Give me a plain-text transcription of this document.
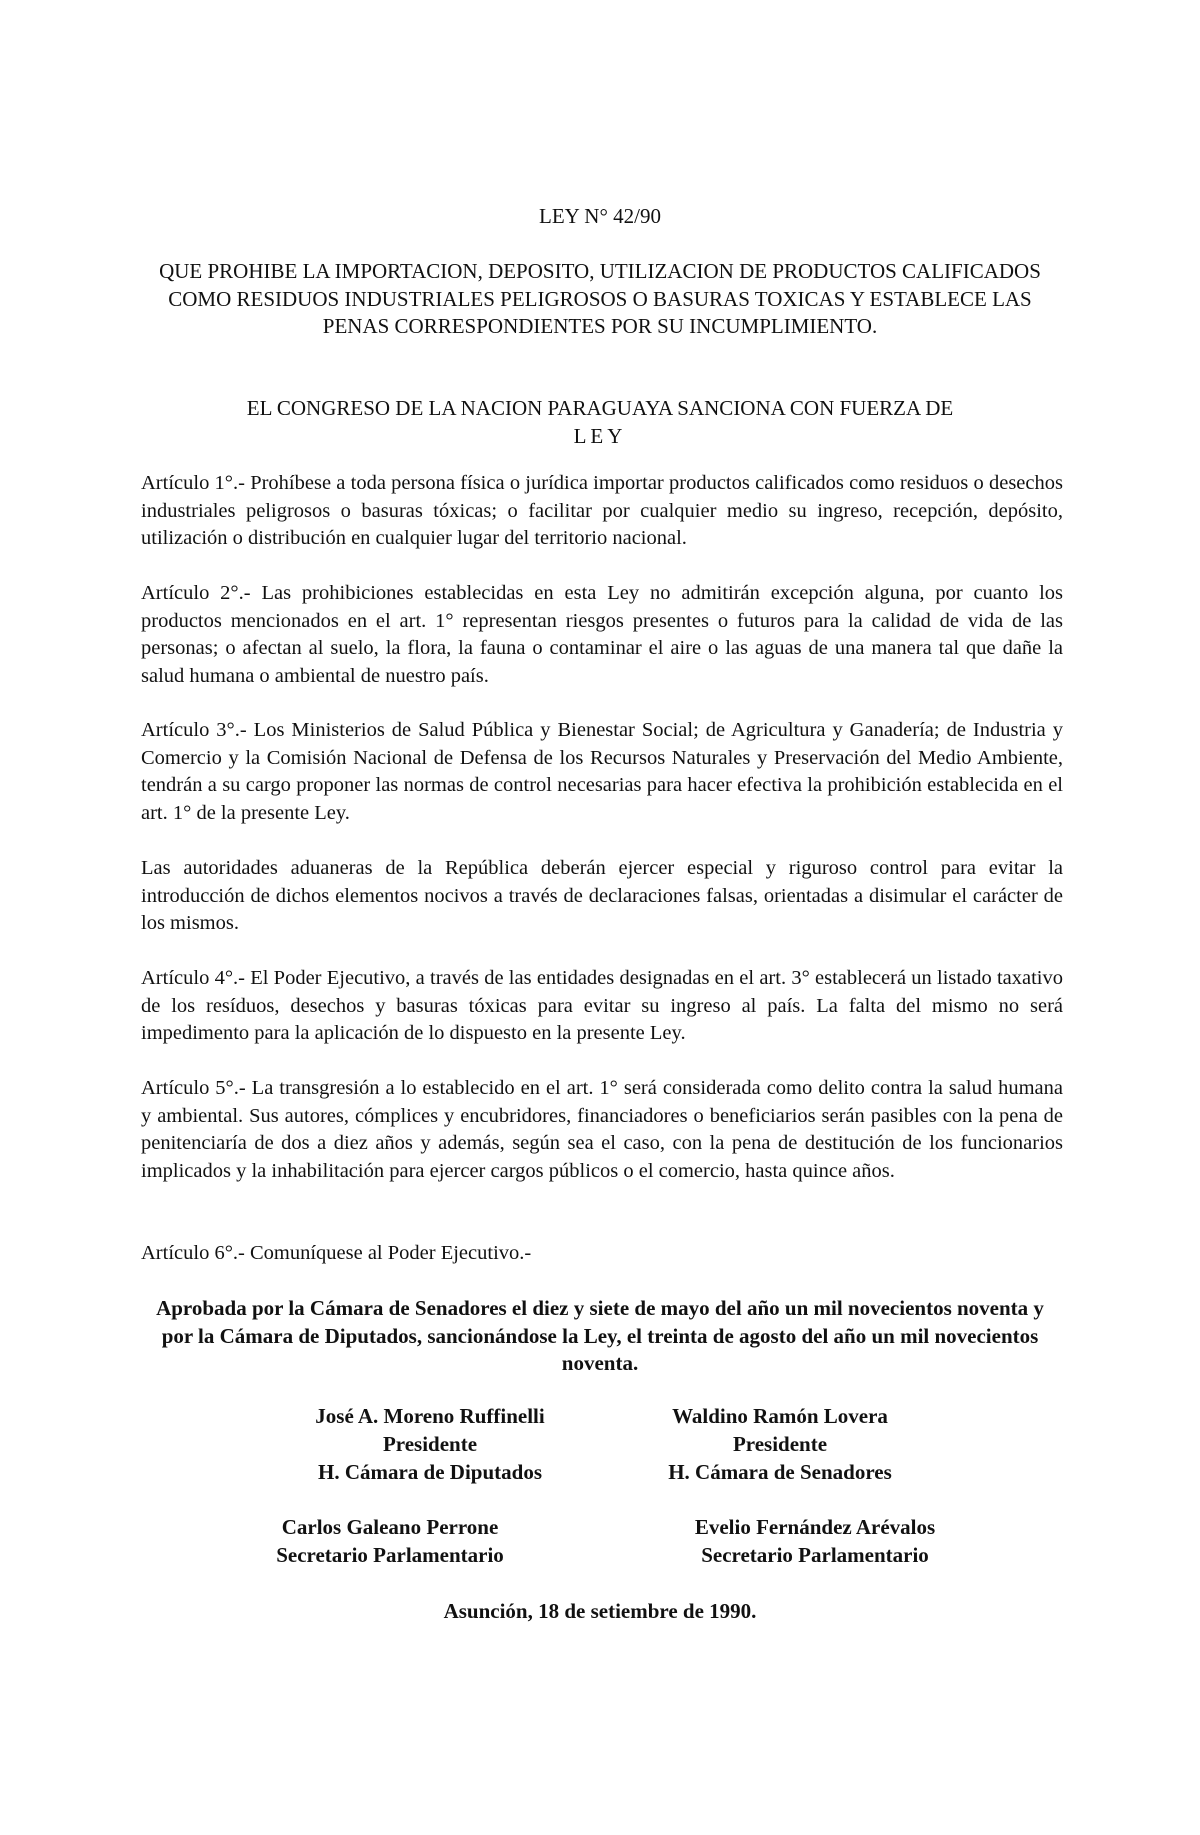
LEY N° 42/90
QUE PROHIBE LA IMPORTACION, DEPOSITO, UTILIZACION DE PRODUCTOS CALIFICADOS COMO RESIDUOS INDUSTRIALES PELIGROSOS O BASURAS TOXICAS Y ESTABLECE LAS PENAS CORRESPONDIENTES POR SU INCUMPLIMIENTO.
EL CONGRESO DE LA NACION PARAGUAYA SANCIONA CON FUERZA DE
LEY

Artículo 1°.- Prohíbese a toda persona física o jurídica importar productos calificados como residuos o desechos industriales peligrosos o basuras tóxicas; o facilitar por cualquier medio su ingreso, recepción, depósito, utilización o distribución en cualquier lugar del territorio nacional.

Artículo 2°.- Las prohibiciones establecidas en esta Ley no admitirán excepción alguna, por cuanto los productos mencionados en el art. 1° representan riesgos presentes o futuros para la calidad de vida de las personas; o afectan al suelo, la flora, la fauna o contaminar el aire o las aguas de una manera tal que dañe la salud humana o ambiental de nuestro país.

Artículo 3°.- Los Ministerios de Salud Pública y Bienestar Social; de Agricultura y Ganadería; de Industria y Comercio y la Comisión Nacional de Defensa de los Recursos Naturales y Preservación del Medio Ambiente, tendrán a su cargo proponer las normas de control necesarias para hacer efectiva la prohibición establecida en el art. 1° de la presente Ley.

Las autoridades aduaneras de la República deberán ejercer especial y riguroso control para evitar la introducción de dichos elementos nocivos a través de declaraciones falsas, orientadas a disimular el carácter de los mismos.

Artículo 4°.- El Poder Ejecutivo, a través de las entidades designadas en el art. 3° establecerá un listado taxativo de los resíduos, desechos y basuras tóxicas para evitar su ingreso al país. La falta del mismo no será impedimento para la aplicación de lo dispuesto en la presente Ley.

Artículo 5°.- La transgresión a lo establecido en el art. 1° será considerada como delito contra la salud humana y ambiental. Sus autores, cómplices y encubridores, financiadores o beneficiarios serán pasibles con la pena de penitenciaría de dos a diez años y además, según sea el caso, con la pena de destitución de los funcionarios implicados y la inhabilitación para ejercer cargos públicos o el comercio, hasta quince años.

Artículo 6°.- Comuníquese al Poder Ejecutivo.-

Aprobada por la Cámara de Senadores el diez y siete de mayo del año un mil novecientos noventa y por la Cámara de Diputados, sancionándose la Ley, el treinta de agosto del año un mil novecientos noventa.
José A. Moreno Ruffinelli
Presidente
H. Cámara de Diputados
Waldino Ramón Lovera
Presidente
H. Cámara de Senadores
Carlos Galeano Perrone
Secretario Parlamentario
Evelio Fernández Arévalos
Secretario Parlamentario
Asunción, 18 de setiembre de 1990.
